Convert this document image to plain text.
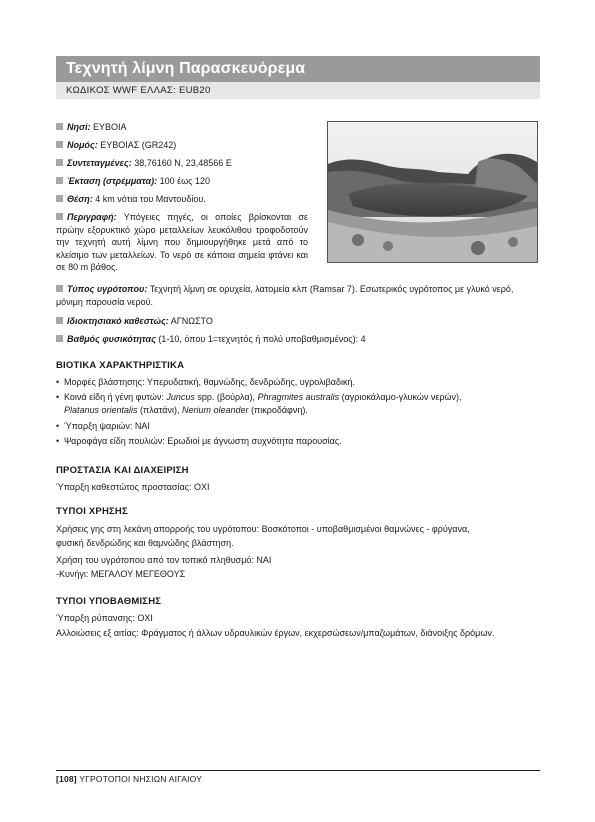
Τεχνητή λίμνη Παρασκευόρεμα
ΚΩΔΙΚΟΣ WWF ΕΛΛΑΣ: EUB20
Νησί: ΕΥΒΟΙΑ
Νομός: ΕΥΒΟΙΑΣ (GR242)
Συντεταγμένες: 38,76160 N, 23,48566 E
Έκταση (στρέμματα): 100 έως 120
Θέση: 4 km νότια του Μαντουδίου.
Περιγραφή: Υπόγειες πηγές, οι οποίες βρίσκονται σε πρώην εξορυκτικό χώρο μεταλλείων λευκόλιθου τροφοδοτούν την τεχνητή αυτή λίμνη που δημιουργήθηκε μετά από το κλείσιμο των μεταλλείων. Το νερό σε κάποια σημεία φτάνει και σε 80 m βάθος.
Τύπος υγρότοπου: Τεχνητή λίμνη σε ορυχεία, λατομεία κλπ (Ramsar 7). Εσωτερικός υγρότοπος με γλυκό νερό, μόνιμη παρουσία νερού.
Ιδιοκτησιακό καθεστώς: ΑΓΝΩΣΤΟ
Βαθμός φυσικότητας (1-10, όπου 1=τεχνητός ή πολύ υποβαθμισμένος): 4
ΒΙΟΤΙΚΑ ΧΑΡΑΚΤΗΡΙΣΤΙΚΑ
• Μορφές βλάστησης: Υπερυδατική, θαμνώδης, δενδρώδης, υγρολιβαδική.
• Κοινά είδη ή γένη φυτών: Juncus spp. (βούρλα), Phragmites australis (αγριοκάλαμο-γλυκών νερών),
Platanus orientalis (πλατάνι), Nerium oleander (πικροδάφνη).
• Ύπαρξη ψαριών: ΝΑΙ
• Ψαροφάγα είδη πουλιών: Ερωδιοί με άγνωστη συχνότητα παρουσίας.
ΠΡΟΣΤΑΣΙΑ ΚΑΙ ΔΙΑΧΕΙΡΙΣΗ
Ύπαρξη καθεστώτος προστασίας: ΟΧΙ
ΤΥΠΟΙ ΧΡΗΣΗΣ
Χρήσεις γης στη λεκάνη απορροής του υγρότοπου: Βοσκότοποι - υποβαθμισμένοι θαμνώνες - φρύγανα,
φυσική δενδρώδης και θαμνώδης βλάστηση.
Χρήση του υγρότοπου από τον τοπικό πληθυσμό: ΝΑΙ
-Κυνήγι: ΜΕΓΑΛΟΥ ΜΕΓΕΘΟΥΣ
ΤΥΠΟΙ ΥΠΟΒΑΘΜΙΣΗΣ
Ύπαρξη ρύπανσης: ΟΧΙ
Αλλοιώσεις εξ αιτίας: Φράγματος ή άλλων υδραυλικών έργων, εκχερσώσεων/μπαζωμάτων, διάνοιξης δρόμων.
[108] ΥΓΡΟΤΟΠΟΙ ΝΗΣΙΩΝ ΑΙΓΑΙΟΥ
